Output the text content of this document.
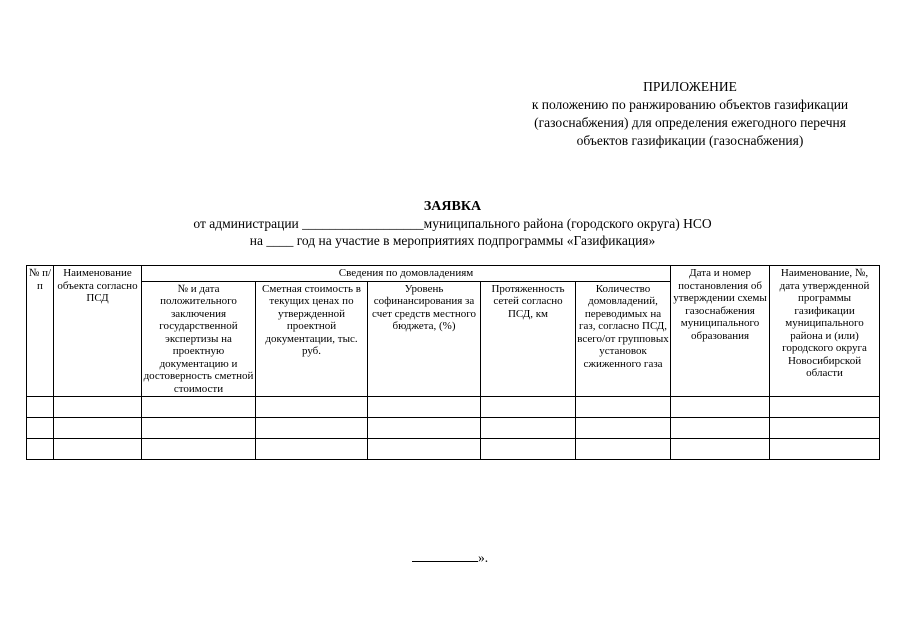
ПРИЛОЖЕНИЕ
к положению по ранжированию объектов газификации
(газоснабжения) для определения ежегодного перечня
объектов газификации (газоснабжения)
ЗАЯВКА
от администрации __________________муниципального района (городского округа) НСО
на ____ год на участие в мероприятиях подпрограммы «Газификация»
№ п/п	Наименование объекта согласно ПСД	Сведения по домовладениям					Дата и номер постановления об утверждении схемы газоснабжения муниципального образования	Наименование, №, дата утвержденной программы газификации муниципального района и (или) городского округа Новосибирской области
		№ и дата положительного заключения государственной экспертизы на проектную документацию и достоверность сметной стоимости	Сметная стоимость в текущих ценах по утвержденной проектной документации, тыс. руб.	Уровень софинансирования за счет средств местного бюджета, (%)	Протяженность сетей согласно ПСД, км	Количество домовладений, переводимых на газ, согласно ПСД, всего/от групповых установок сжиженного газа		

».
